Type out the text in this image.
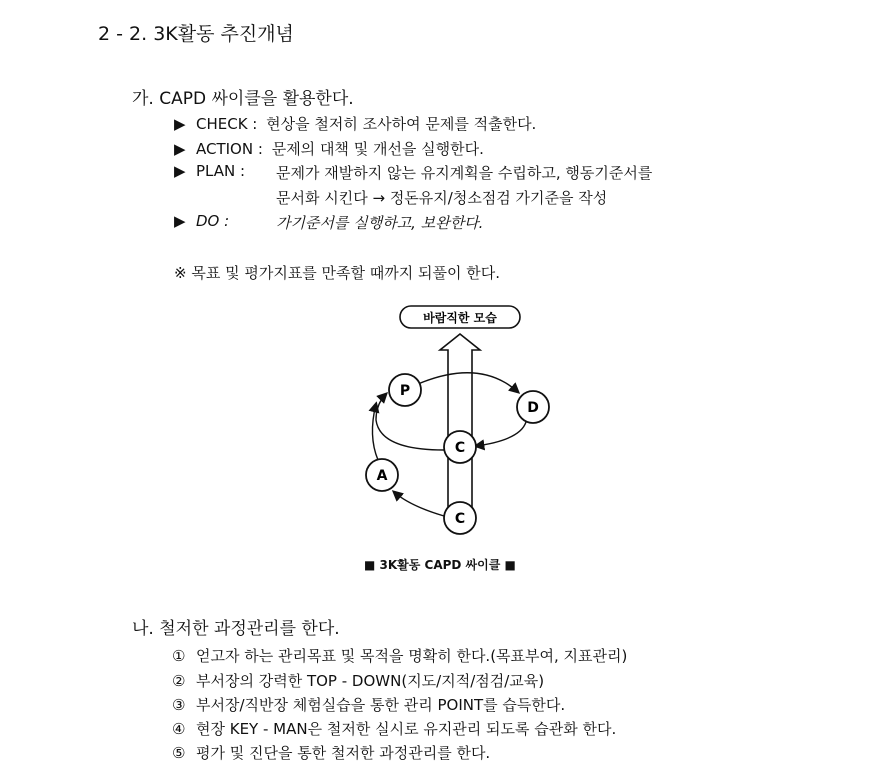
2 - 2. 3K활동 추진개념
가. CAPD 싸이클을 활용한다.
▶ CHECK : 현상을 철저히 조사하여 문제를 적출한다.
▶ ACTION : 문제의 대책 및 개선을 실행한다.
▶ PLAN : 문제가 재발하지 않는 유지계획을 수립하고, 행동기준서를
문서화 시킨다 → 정돈유지/청소점검 가기준을 작성
▶ DO :	가기준서를 실행하고, 보완한다.
※ 목표 및 평가지표를 만족할 때까지 되풀이 한다.
바람직한 모습
P
D
C
A
C
■ 3K활동 CAPD 싸이클 ■
나. 철저한 과정관리를 한다.
① 얻고자 하는 관리목표 및 목적을 명확히 한다.(목표부여, 지표관리)
② 부서장의 강력한 TOP - DOWN(지도/지적/점검/교육)
③ 부서장/직반장 체험실습을 통한 관리 POINT를 습득한다.
④ 현장 KEY - MAN은 철저한 실시로 유지관리 되도록 습관화 한다.
⑤ 평가 및 진단을 통한 철저한 과정관리를 한다.
